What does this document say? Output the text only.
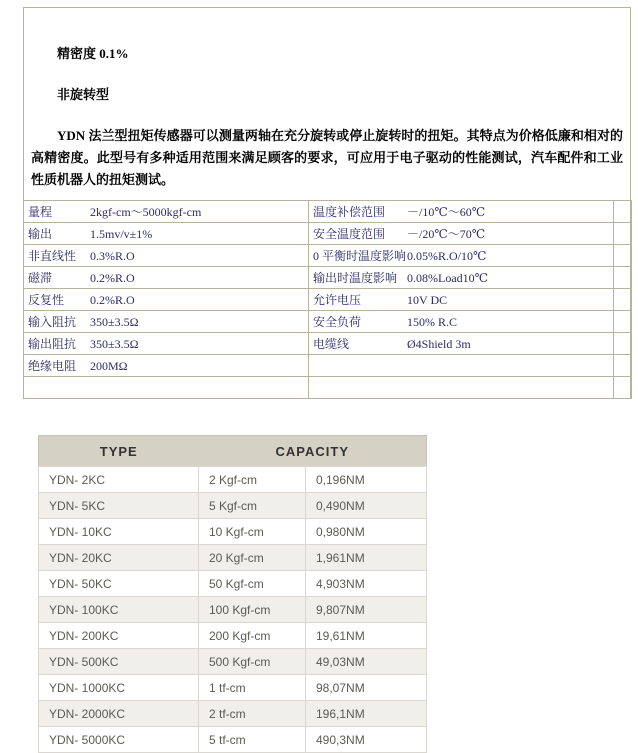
精密度 0.1%

非旋转型

YDN 法兰型扭矩传感器可以测量两轴在充分旋转或停止旋转时的扭矩。其特点为价格低廉和相对的高精密度。此型号有多种适用范围来满足顾客的要求，可应用于电子驱动的性能测试，汽车配件和工业性质机器人的扭矩测试。

量程 2kgf-cm～5000kgf-cm	温度补偿范围 －/10℃～60℃	
输出 1.5mv/v±1%	安全温度范围 －/20℃～70℃	
非直线性 0.3%R.O	0 平衡时温度影响0.05%R.O/10℃	
磁滞 0.2%R.O	输出时温度影响 0.08%Load10℃	
反复性 0.2%R.O	允许电压 10V DC	
输入阻抗 350±3.5Ω	安全负荷 150% R.C	
输出阻抗 350±3.5Ω	电缆线 Ø4Shield 3m	
绝缘电阻 200MΩ		

TYPE	CAPACITY	
YDN- 2KC	2 Kgf-cm	0,196NM
YDN- 5KC	5 Kgf-cm	0,490NM
YDN- 10KC	10 Kgf-cm	0,980NM
YDN- 20KC	20 Kgf-cm	1,961NM
YDN- 50KC	50 Kgf-cm	4,903NM
YDN- 100KC	100 Kgf-cm	9,807NM
YDN- 200KC	200 Kgf-cm	19,61NM
YDN- 500KC	500 Kgf-cm	49,03NM
YDN- 1000KC	1 tf-cm	98,07NM
YDN- 2000KC	2 tf-cm	196,1NM
YDN- 5000KC	5 tf-cm	490,3NM
